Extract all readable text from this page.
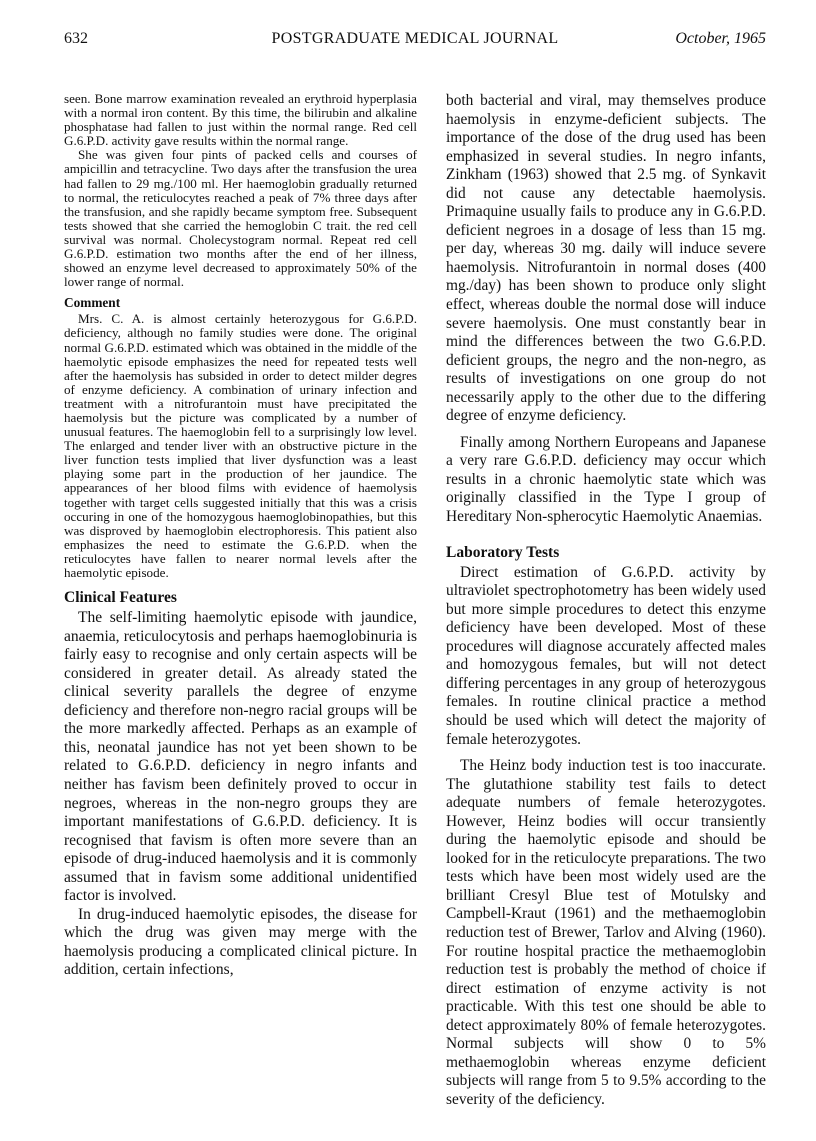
632	POSTGRADUATE MEDICAL JOURNAL	October, 1965

seen. Bone marrow examination revealed an erythroid hyperplasia with a normal iron content. By this time, the bilirubin and alkaline phosphatase had fallen to just within the normal range. Red cell G.6.P.D. activity gave results within the normal range.

She was given four pints of packed cells and courses of ampicillin and tetracycline. Two days after the transfusion the urea had fallen to 29 mg./100 ml. Her haemoglobin gradually returned to normal, the reticulocytes reached a peak of 7% three days after the transfusion, and she rapidly became symptom free. Subsequent tests showed that she carried the hemoglobin C trait. the red cell survival was normal. Cholecystogram normal. Repeat red cell G.6.P.D. estimation two months after the end of her illness, showed an enzyme level decreased to approximately 50% of the lower range of normal.

Comment

Mrs. C. A. is almost certainly heterozygous for G.6.P.D. deficiency, although no family studies were done. The original normal G.6.P.D. estimated which was obtained in the middle of the haemolytic episode emphasizes the need for repeated tests well after the haemolysis has subsided in order to detect milder degres of enzyme deficiency. A combination of urinary infection and treatment with a nitrofurantoin must have precipitated the haemolysis but the picture was complicated by a number of unusual features. The haemoglobin fell to a surprisingly low level. The enlarged and tender liver with an obstructive picture in the liver function tests implied that liver dysfunction was a least playing some part in the production of her jaundice. The appearances of her blood films with evidence of haemolysis together with target cells suggested initially that this was a crisis occuring in one of the homozygous haemoglobinopathies, but this was disproved by haemoglobin electrophoresis. This patient also emphasizes the need to estimate the G.6.P.D. when the reticulocytes have fallen to nearer normal levels after the haemolytic episode.

Clinical Features

The self-limiting haemolytic episode with jaundice, anaemia, reticulocytosis and perhaps haemoglobinuria is fairly easy to recognise and only certain aspects will be considered in greater detail. As already stated the clinical severity parallels the degree of enzyme deficiency and therefore non-negro racial groups will be the more markedly affected. Perhaps as an example of this, neonatal jaundice has not yet been shown to be related to G.6.P.D. deficiency in negro infants and neither has favism been definitely proved to occur in negroes, whereas in the non-negro groups they are important manifestations of G.6.P.D. deficiency. It is recognised that favism is often more severe than an episode of drug-induced haemolysis and it is commonly assumed that in favism some additional unidentified factor is involved.

In drug-induced haemolytic episodes, the disease for which the drug was given may merge with the haemolysis producing a complicated clinical picture. In addition, certain infections,

both bacterial and viral, may themselves produce haemolysis in enzyme-deficient subjects. The importance of the dose of the drug used has been emphasized in several studies. In negro infants, Zinkham (1963) showed that 2.5 mg. of Synkavit did not cause any detectable haemolysis. Primaquine usually fails to produce any in G.6.P.D. deficient negroes in a dosage of less than 15 mg. per day, whereas 30 mg. daily will induce severe haemolysis. Nitrofurantoin in normal doses (400 mg./day) has been shown to produce only slight effect, whereas double the normal dose will induce severe haemolysis. One must constantly bear in mind the differences between the two G.6.P.D. deficient groups, the negro and the non-negro, as results of investigations on one group do not necessarily apply to the other due to the differing degree of enzyme deficiency.

Finally among Northern Europeans and Japanese a very rare G.6.P.D. deficiency may occur which results in a chronic haemolytic state which was originally classified in the Type I group of Hereditary Non-spherocytic Haemolytic Anaemias.

Laboratory Tests

Direct estimation of G.6.P.D. activity by ultraviolet spectrophotometry has been widely used but more simple procedures to detect this enzyme deficiency have been developed. Most of these procedures will diagnose accurately affected males and homozygous females, but will not detect differing percentages in any group of heterozygous females. In routine clinical practice a method should be used which will detect the majority of female heterozygotes.

The Heinz body induction test is too inaccurate. The glutathione stability test fails to detect adequate numbers of female heterozygotes. However, Heinz bodies will occur transiently during the haemolytic episode and should be looked for in the reticulocyte preparations. The two tests which have been most widely used are the brilliant Cresyl Blue test of Motulsky and Campbell-Kraut (1961) and the methaemoglobin reduction test of Brewer, Tarlov and Alving (1960). For routine hospital practice the methaemoglobin reduction test is probably the method of choice if direct estimation of enzyme activity is not practicable. With this test one should be able to detect approximately 80% of female heterozygotes. Normal subjects will show 0 to 5% methaemoglobin whereas enzyme deficient subjects will range from 5 to 9.5% according to the severity of the deficiency.
